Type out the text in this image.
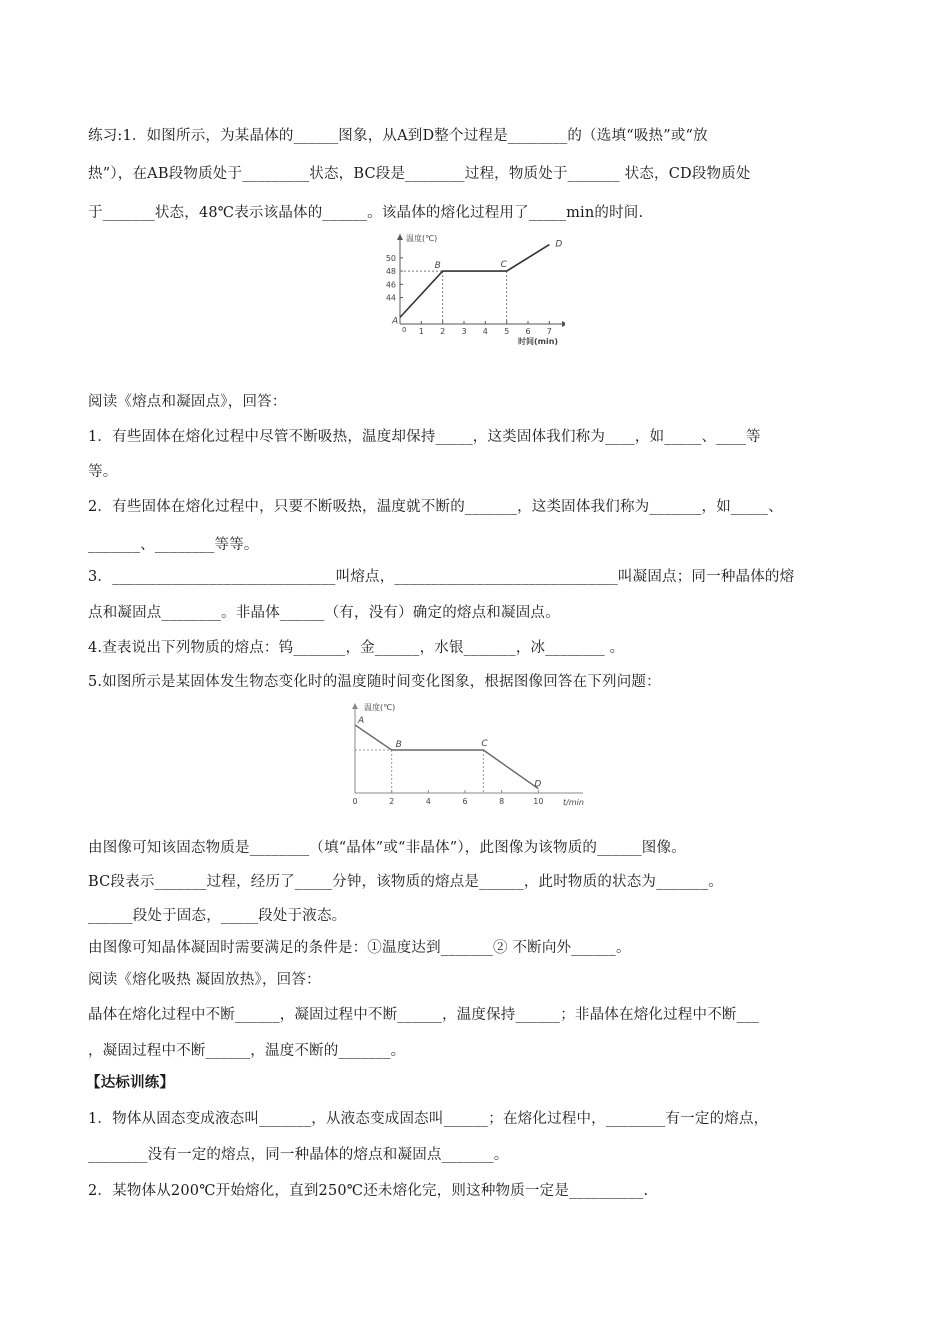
练习:1．如图所示，为某晶体的______图象，从A到D整个过程是________的（选填“吸热”或“放
热”），在AB段物质处于_________状态，BC段是________过程，物质处于_______ 状态，CD段物质处
于_______状态，48℃表示该晶体的______。该晶体的熔化过程用了_____min的时间.
温度(℃)
时间(min)
0 1 2 3 4 5 6 7
44
46
48
50
A
B	C
D
阅读《熔点和凝固点》，回答：
1．有些固体在熔化过程中尽管不断吸热，温度却保持_____，这类固体我们称为____，如_____、____等
等。
2．有些固体在熔化过程中，只要不断吸热，温度就不断的_______，这类固体我们称为_______，如_____、
_______、________等等。
3．______________________________叫熔点，______________________________叫凝固点；同一种晶体的熔
点和凝固点________。非晶体______（有，没有）确定的熔点和凝固点。
4.查表说出下列物质的熔点：钨_______，金______，水银_______，冰________ 。
5.如图所示是某固体发生物态变化时的温度随时间变化图象，根据图像回答在下列问题：
温度(℃)
t/min
0	2	4	6	8	10
A
B	C
D
由图像可知该固态物质是________（填“晶体”或“非晶体”），此图像为该物质的______图像。
BC段表示_______过程，经历了_____分钟，该物质的熔点是______，此时物质的状态为_______。
______段处于固态，_____段处于液态。
由图像可知晶体凝固时需要满足的条件是：①温度达到_______② 不断向外______。
阅读《熔化吸热 凝固放热》，回答：
晶体在熔化过程中不断______，凝固过程中不断______，温度保持______；非晶体在熔化过程中不断___
，凝固过程中不断______，温度不断的_______。
【达标训练】
1．物体从固态变成液态叫_______，从液态变成固态叫______；在熔化过程中，________有一定的熔点，
________没有一定的熔点，同一种晶体的熔点和凝固点_______。
2．某物体从200℃开始熔化，直到250℃还未熔化完，则这种物质一定是__________.
